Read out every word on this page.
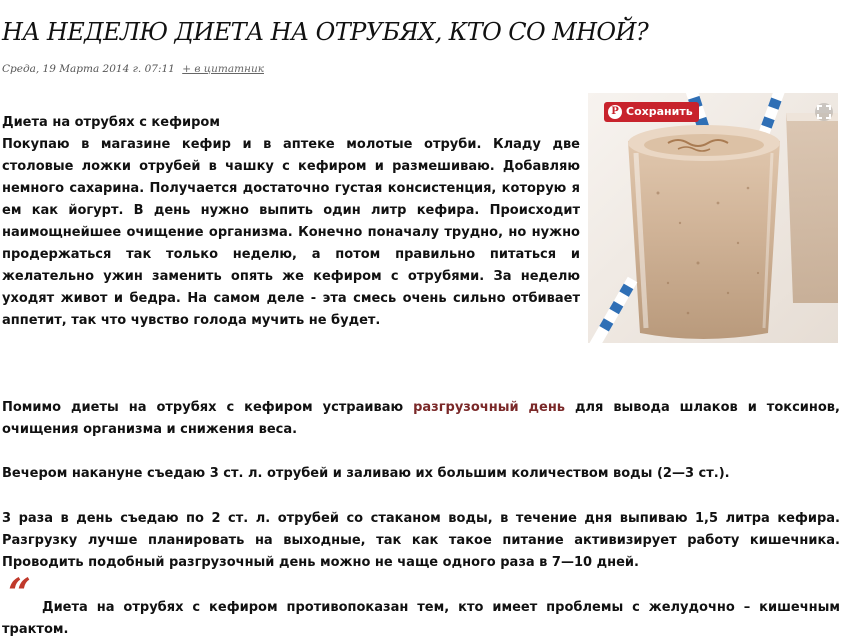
НА НЕДЕЛЮ ДИЕТА НА ОТРУБЯХ, КТО СО МНОЙ?
Среда, 19 Марта 2014 г. 07:11 + в цитатник

Диета на отрубях с кефиром
Покупаю в магазине кефир и в аптеке молотые отруби. Кладу две столовые ложки отрубей в чашку с кефиром и размешиваю. Добавляю немного сахарина. Получается достаточно густая консистенция, которую я ем как йогурт. В день нужно выпить один литр кефира. Происходит наимощнейшее очищение организма. Конечно поначалу трудно, но нужно продержаться так только неделю, а потом правильно питаться и желательно ужин заменить опять же кефиром с отрубями. За неделю уходят живот и бедра. На самом деле - эта смесь очень сильно отбивает аппетит, так что чувство голода мучить не будет.

P Сохранить

Помимо диеты на отрубях с кефиром устраиваю разгрузочный день для вывода шлаков и токсинов, очищения организма и снижения веса.

Вечером накануне съедаю 3 ст. л. отрубей и заливаю их большим количеством воды (2—3 ст.).

3 раза в день съедаю по 2 ст. л. отрубей со стаканом воды, в течение дня выпиваю 1,5 литра кефира. Разгрузку лучше планировать на выходные, так как такое питание активизирует работу кишечника. Проводить подобный разгрузочный день можно не чаще одного раза в 7—10 дней.

“ Диета на отрубях с кефиром противопоказан тем, кто имеет проблемы с желудочно – кишечным трактом.
